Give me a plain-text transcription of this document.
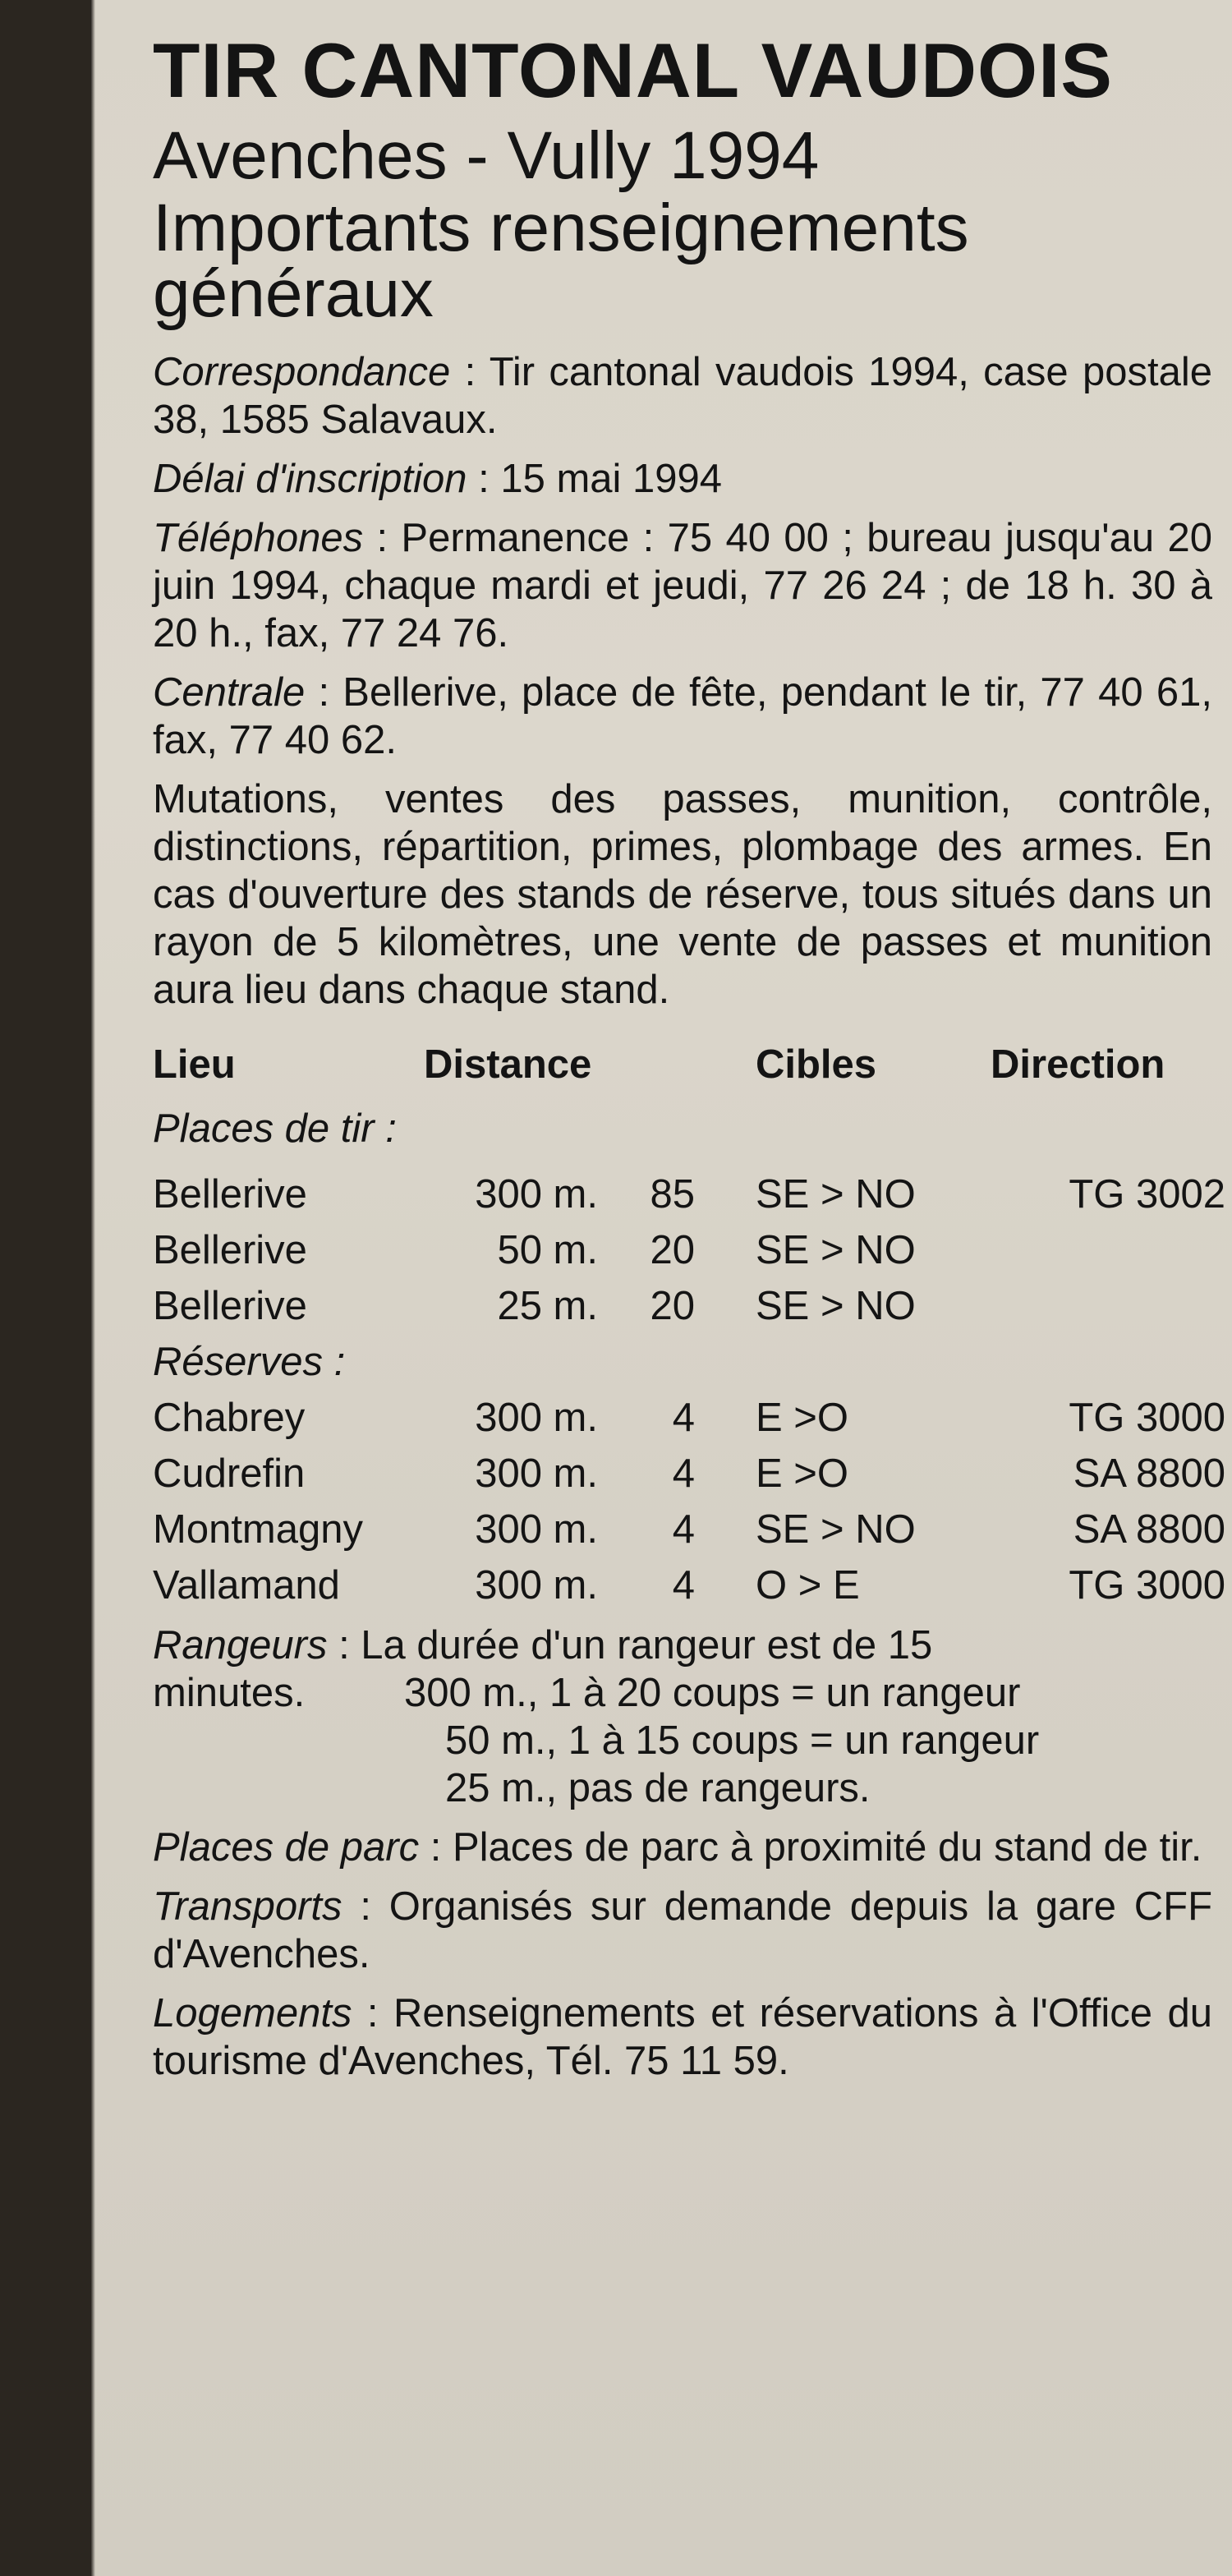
TIR CANTONAL VAUDOIS
Avenches - Vully 1994
Importants renseignements généraux

Correspondance : Tir cantonal vaudois 1994, case postale 38, 1585 Salavaux.

Délai d'inscription : 15 mai 1994

Téléphones : Permanence : 75 40 00 ; bureau jusqu'au 20 juin 1994, chaque mardi et jeudi, 77 26 24 ; de 18 h. 30 à 20 h., fax, 77 24 76.

Centrale : Bellerive, place de fête, pendant le tir, 77 40 61, fax, 77 40 62.

Mutations, ventes des passes, munition, contrôle, distinctions, répartition, primes, plombage des armes. En cas d'ouverture des stands de réserve, tous situés dans un rayon de 5 kilomètres, une vente de passes et munition aura lieu dans chaque stand.

Lieu	Distance	Cibles	Direction
Places de tir :
Bellerive	300 m.	85 SE > NO	TG 3002
Bellerive	50 m.	20 SE > NO
Bellerive	25 m.	20 SE > NO
Réserves :
Chabrey	300 m.	4 E >O	TG 3000
Cudrefin	300 m.	4 E >O	SA 8800
Montmagny	300 m.	4 SE > NO	SA 8800
Vallamand	300 m.	4 O > E	TG 3000
Rangeurs : La durée d'un rangeur est de 15
minutes. 300 m., 1 à 20 coups = un rangeur
50 m., 1 à 15 coups = un rangeur
25 m., pas de rangeurs.

Places de parc : Places de parc à proximité du stand de tir.

Transports : Organisés sur demande depuis la gare CFF d'Avenches.

Logements : Renseignements et réservations à l'Office du tourisme d'Avenches, Tél. 75 11 59.
